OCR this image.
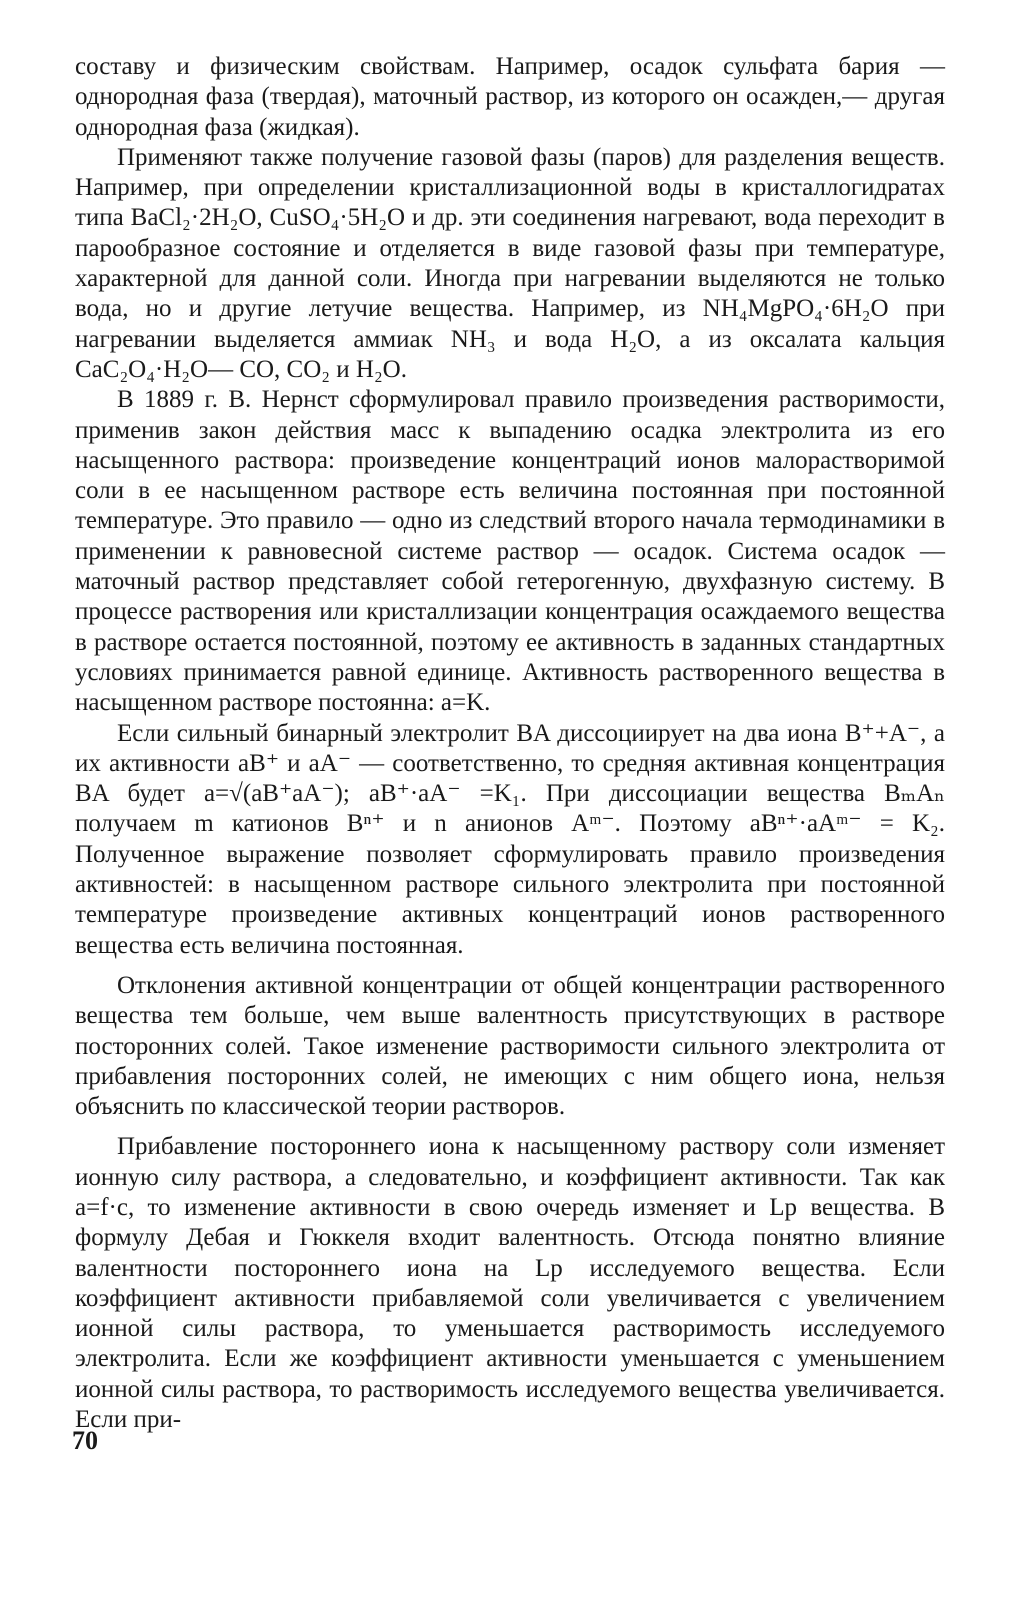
составу и физическим свойствам. Например, осадок сульфата бария — однородная фаза (твердая), маточный раствор, из которого он осажден,— другая однородная фаза (жидкая).

Применяют также получение газовой фазы (паров) для разделения веществ. Например, при определении кристаллизационной воды в кристаллогидратах типа BaCl₂·2H₂O, CuSO₄·5H₂O и др. эти соединения нагревают, вода переходит в парообразное состояние и отделяется в виде газовой фазы при температуре, характерной для данной соли. Иногда при нагревании выделяются не только вода, но и другие летучие вещества. Например, из NH₄MgPO₄·6H₂O при нагревании выделяется аммиак NH₃ и вода H₂O, а из оксалата кальция CaC₂O₄·H₂O— CO, CO₂ и H₂O.

В 1889 г. В. Нернст сформулировал правило произведения растворимости, применив закон действия масс к выпадению осадка электролита из его насыщенного раствора: произведение концентраций ионов малорастворимой соли в ее насыщенном растворе есть величина постоянная при постоянной температуре. Это правило — одно из следствий второго начала термодинамики в применении к равновесной системе раствор — осадок. Система осадок — маточный раствор представляет собой гетерогенную, двухфазную систему. В процессе растворения или кристаллизации концентрация осаждаемого вещества в растворе остается постоянной, поэтому ее активность в заданных стандартных условиях принимается равной единице. Активность растворенного вещества в насыщенном растворе постоянна: a=K.

Если сильный бинарный электролит BA диссоциирует на два иона B⁺+A⁻, а их активности aB⁺ и aA⁻ — соответственно, то средняя активная концентрация BA будет a=√(aB⁺aA⁻); aB⁺·aA⁻ =K₁. При диссоциации вещества BₘAₙ получаем m катионов Bⁿ⁺ и n анионов Aᵐ⁻. Поэтому aBⁿ⁺·aAᵐ⁻ = K₂. Полученное выражение позволяет сформулировать правило произведения активностей: в насыщенном растворе сильного электролита при постоянной температуре произведение активных концентраций ионов растворенного вещества есть величина постоянная.

Отклонения активной концентрации от общей концентрации растворенного вещества тем больше, чем выше валентность присутствующих в растворе посторонних солей. Такое изменение растворимости сильного электролита от прибавления посторонних солей, не имеющих с ним общего иона, нельзя объяснить по классической теории растворов.

Прибавление постороннего иона к насыщенному раствору соли изменяет ионную силу раствора, а следовательно, и коэффициент активности. Так как a=f·c, то изменение активности в свою очередь изменяет и Lp вещества. В формулу Дебая и Гюккеля входит валентность. Отсюда понятно влияние валентности постороннего иона на Lp исследуемого вещества. Если коэффициент активности прибавляемой соли увеличивается с увеличением ионной силы раствора, то уменьшается растворимость исследуемого электролита. Если же коэффициент активности уменьшается с уменьшением ионной силы раствора, то растворимость исследуемого вещества увеличивается. Если при-

70
